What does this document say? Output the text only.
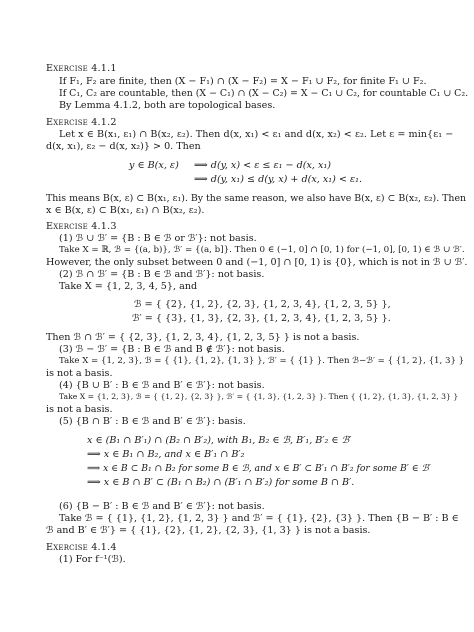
Exercise 4.1.1
If F₁, F₂ are finite, then (X − F₁) ∩ (X − F₂) = X − F₁ ∪ F₂, for finite F₁ ∪ F₂.
If C₁, C₂ are countable, then (X − C₁) ∩ (X − C₂) = X − C₁ ∪ C₂, for countable C₁ ∪ C₂.
By Lemma 4.1.2, both are topological bases.
Exercise 4.1.2
Let x ∈ B(x₁, ε₁) ∩ B(x₂, ε₂). Then d(x, x₁) < ε₁ and d(x, x₂) < ε₂. Let ε = min{ε₁ −
d(x, x₁), ε₂ − d(x, x₂)} > 0. Then
y ∈ B(x, ε) ⟹ d(y, x) < ε ≤ ε₁ − d(x, x₁)
⟹ d(y, x₁) ≤ d(y, x) + d(x, x₁) < ε₁.
This means B(x, ε) ⊂ B(x₁, ε₁). By the same reason, we also have B(x, ε) ⊂ B(x₂, ε₂). Then
x ∈ B(x, ε) ⊂ B(x₁, ε₁) ∩ B(x₂, ε₂).
Exercise 4.1.3
(1) ℬ ∪ ℬ′ = {B : B ∈ ℬ or ℬ′}: not basis.
Take X = ℝ, ℬ = {(a, b)}, ℬ′ = {(a, b]}. Then 0 ∈ (−1, 0] ∩ [0, 1) for (−1, 0], [0, 1) ∈ ℬ ∪ ℬ′.
However, the only subset between 0 and (−1, 0] ∩ [0, 1) is {0}, which is not in ℬ ∪ ℬ′.
(2) ℬ ∩ ℬ′ = {B : B ∈ ℬ and ℬ′}: not basis.
Take X = {1, 2, 3, 4, 5}, and
ℬ = { {2}, {1, 2}, {2, 3}, {1, 2, 3, 4}, {1, 2, 3, 5} },
ℬ′ = { {3}, {1, 3}, {2, 3}, {1, 2, 3, 4}, {1, 2, 3, 5} }.
Then ℬ ∩ ℬ′ = { {2, 3}, {1, 2, 3, 4}, {1, 2, 3, 5} } is not a basis.
(3) ℬ − ℬ′ = {B : B ∈ ℬ and B ∉ ℬ′}: not basis.
Take X = {1, 2, 3}, ℬ = { {1}, {1, 2}, {1, 3} }, ℬ′ = { {1} }. Then ℬ−ℬ′ = { {1, 2}, {1, 3} }
is not a basis.
(4) {B ∪ B′ : B ∈ ℬ and B′ ∈ ℬ′}: not basis.
Take X = {1, 2, 3}, ℬ = { {1, 2}, {2, 3} }, ℬ′ = { {1, 3}, {1, 2, 3} }. Then { {1, 2}, {1, 3}, {1, 2, 3} }
is not a basis.
(5) {B ∩ B′ : B ∈ ℬ and B′ ∈ ℬ′}: basis.
x ∈ (B₁ ∩ B′₁) ∩ (B₂ ∩ B′₂), with B₁, B₂ ∈ ℬ, B′₁, B′₂ ∈ ℬ′
⟹ x ∈ B₁ ∩ B₂, and x ∈ B′₁ ∩ B′₂
⟹ x ∈ B ⊂ B₁ ∩ B₂ for some B ∈ ℬ, and x ∈ B′ ⊂ B′₁ ∩ B′₂ for some B′ ∈ ℬ′
⟹ x ∈ B ∩ B′ ⊂ (B₁ ∩ B₂) ∩ (B′₁ ∩ B′₂) for some B ∩ B′.
(6) {B − B′ : B ∈ ℬ and B′ ∈ ℬ′}: not basis.
Take ℬ = { {1}, {1, 2}, {1, 2, 3} } and ℬ′ = { {1}, {2}, {3} }. Then {B − B′ : B ∈
ℬ and B′ ∈ ℬ′} = { {1}, {2}, {1, 2}, {2, 3}, {1, 3} } is not a basis.
Exercise 4.1.4
(1) For f⁻¹(ℬ).
